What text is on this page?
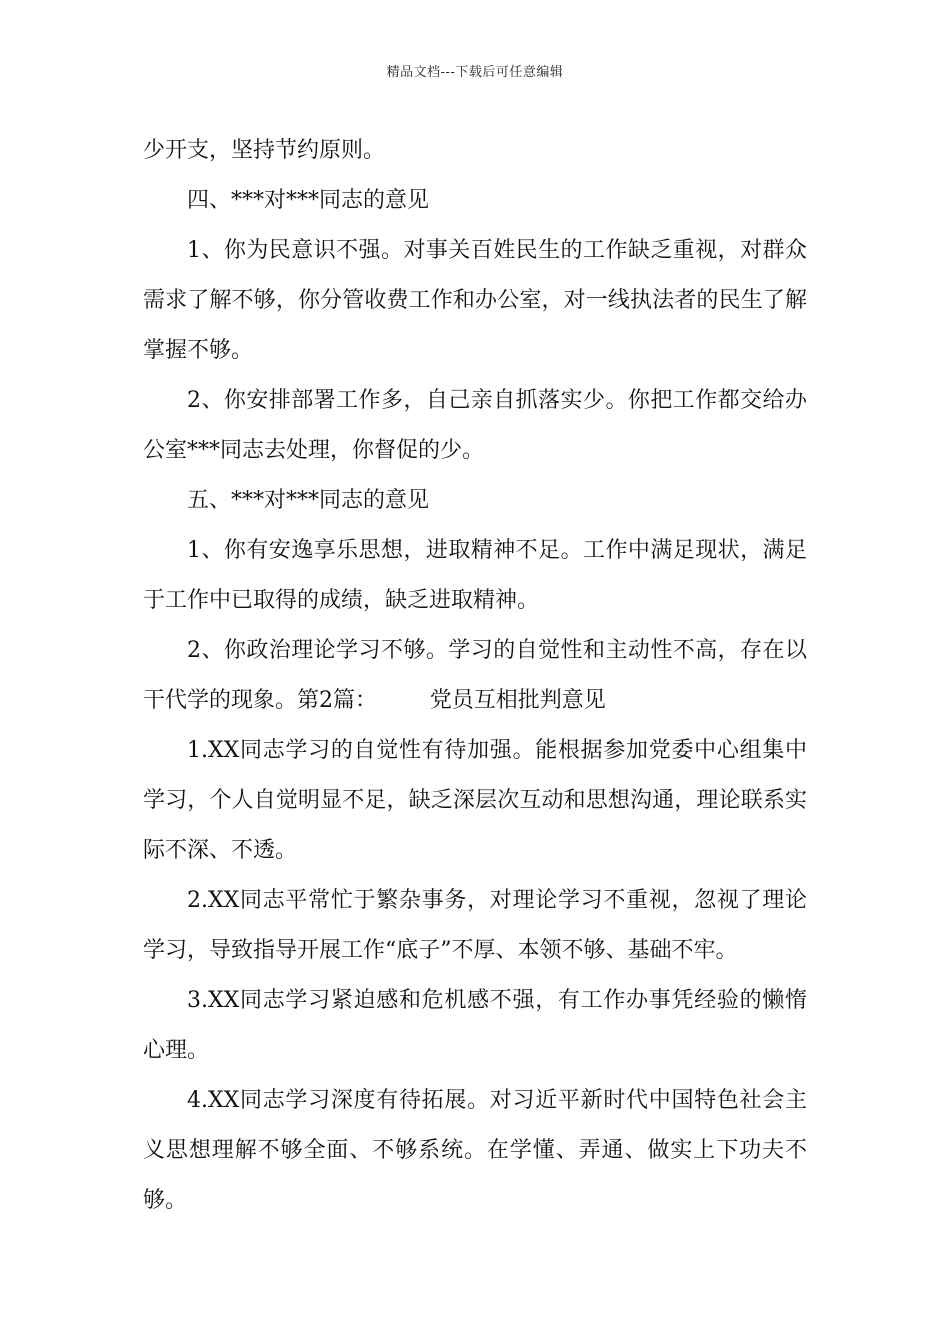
精品文档---下载后可任意编辑

少开支，坚持节约原则。

四、***对***同志的意见

1、你为民意识不强。对事关百姓民生的工作缺乏重视，对群众需求了解不够，你分管收费工作和办公室，对一线执法者的民生了解掌握不够。

2、你安排部署工作多，自己亲自抓落实少。你把工作都交给办公室***同志去处理，你督促的少。

五、***对***同志的意见

1、你有安逸享乐思想，进取精神不足。工作中满足现状，满足于工作中已取得的成绩，缺乏进取精神。

2、你政治理论学习不够。学习的自觉性和主动性不高，存在以干代学的现象。第2篇： 党员互相批判意见

1.XX同志学习的自觉性有待加强。能根据参加党委中心组集中学习，个人自觉明显不足，缺乏深层次互动和思想沟通，理论联系实际不深、不透。

2.XX同志平常忙于繁杂事务，对理论学习不重视，忽视了理论学习，导致指导开展工作“底子”不厚、本领不够、基础不牢。

3.XX同志学习紧迫感和危机感不强，有工作办事凭经验的懒惰心理。

4.XX同志学习深度有待拓展。对习近平新时代中国特色社会主义思想理解不够全面、不够系统。在学懂、弄通、做实上下功夫不够。
